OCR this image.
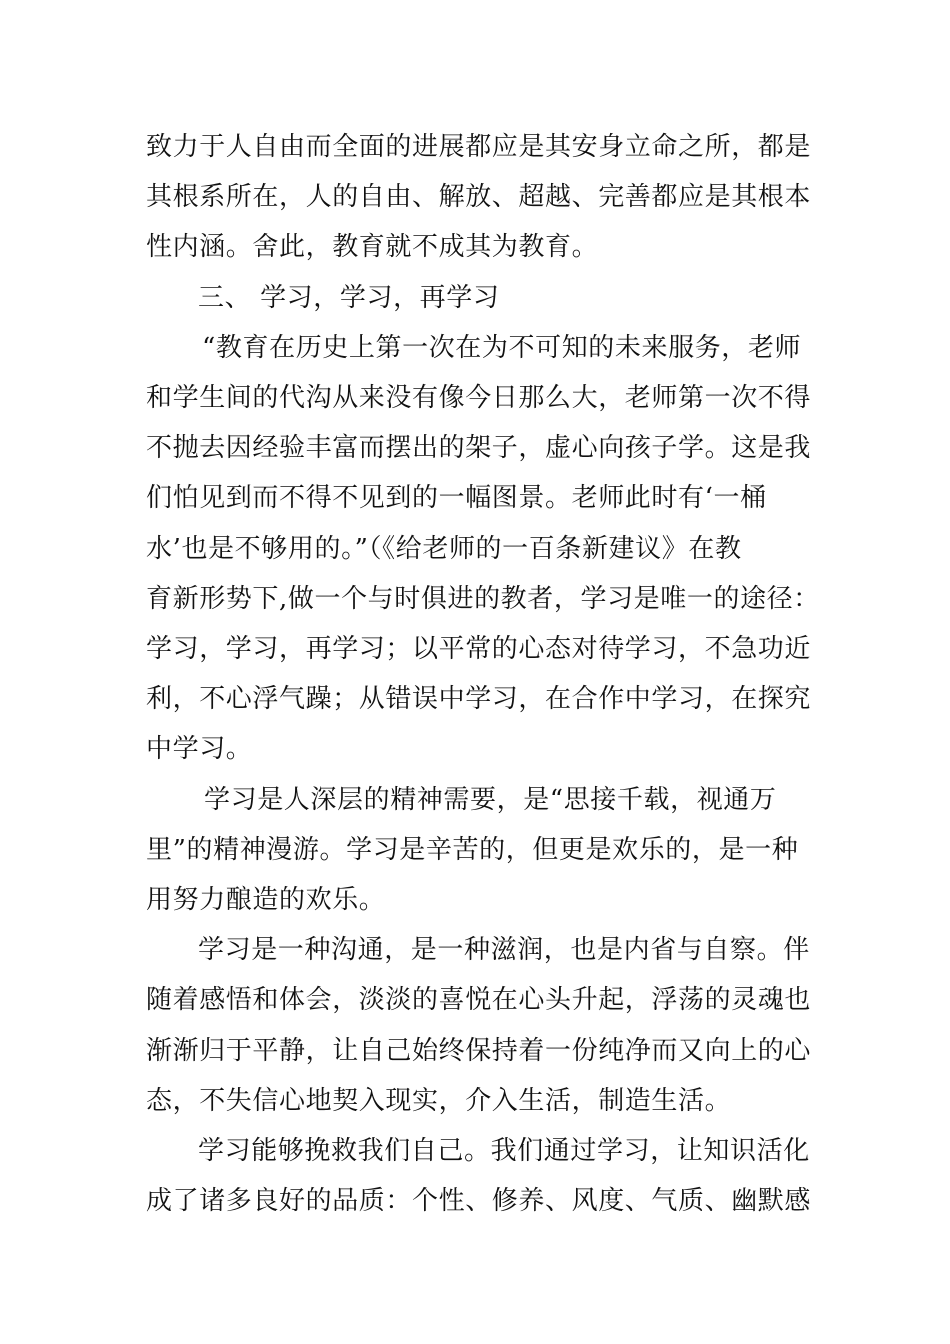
致力于人自由而全面的进展都应是其安身立命之所，都是
其根系所在，人的自由、解放、超越、完善都应是其根本
性内涵。舍此，教育就不成其为教育。
三、 学习，学习，再学习
“教育在历史上第一次在为不可知的未来服务，老师
和学生间的代沟从来没有像今日那么大，老师第一次不得
不抛去因经验丰富而摆出的架子，虚心向孩子学。这是我
们怕见到而不得不见到的一幅图景。老师此时有‘一桶
水’也是不够用的。”（《给老师的一百条新建议》在教
育新形势下,做一个与时俱进的教者，学习是唯一的途径：
学习，学习，再学习；以平常的心态对待学习，不急功近
利，不心浮气躁；从错误中学习，在合作中学习，在探究
中学习。
学习是人深层的精神需要，是“思接千载，视通万
里”的精神漫游。学习是辛苦的，但更是欢乐的，是一种
用努力酿造的欢乐。
学习是一种沟通，是一种滋润，也是内省与自察。伴
随着感悟和体会，淡淡的喜悦在心头升起，浮荡的灵魂也
渐渐归于平静，让自己始终保持着一份纯净而又向上的心
态，不失信心地契入现实，介入生活，制造生活。
学习能够挽救我们自己。我们通过学习，让知识活化
成了诸多良好的品质：个性、修养、风度、气质、幽默感
